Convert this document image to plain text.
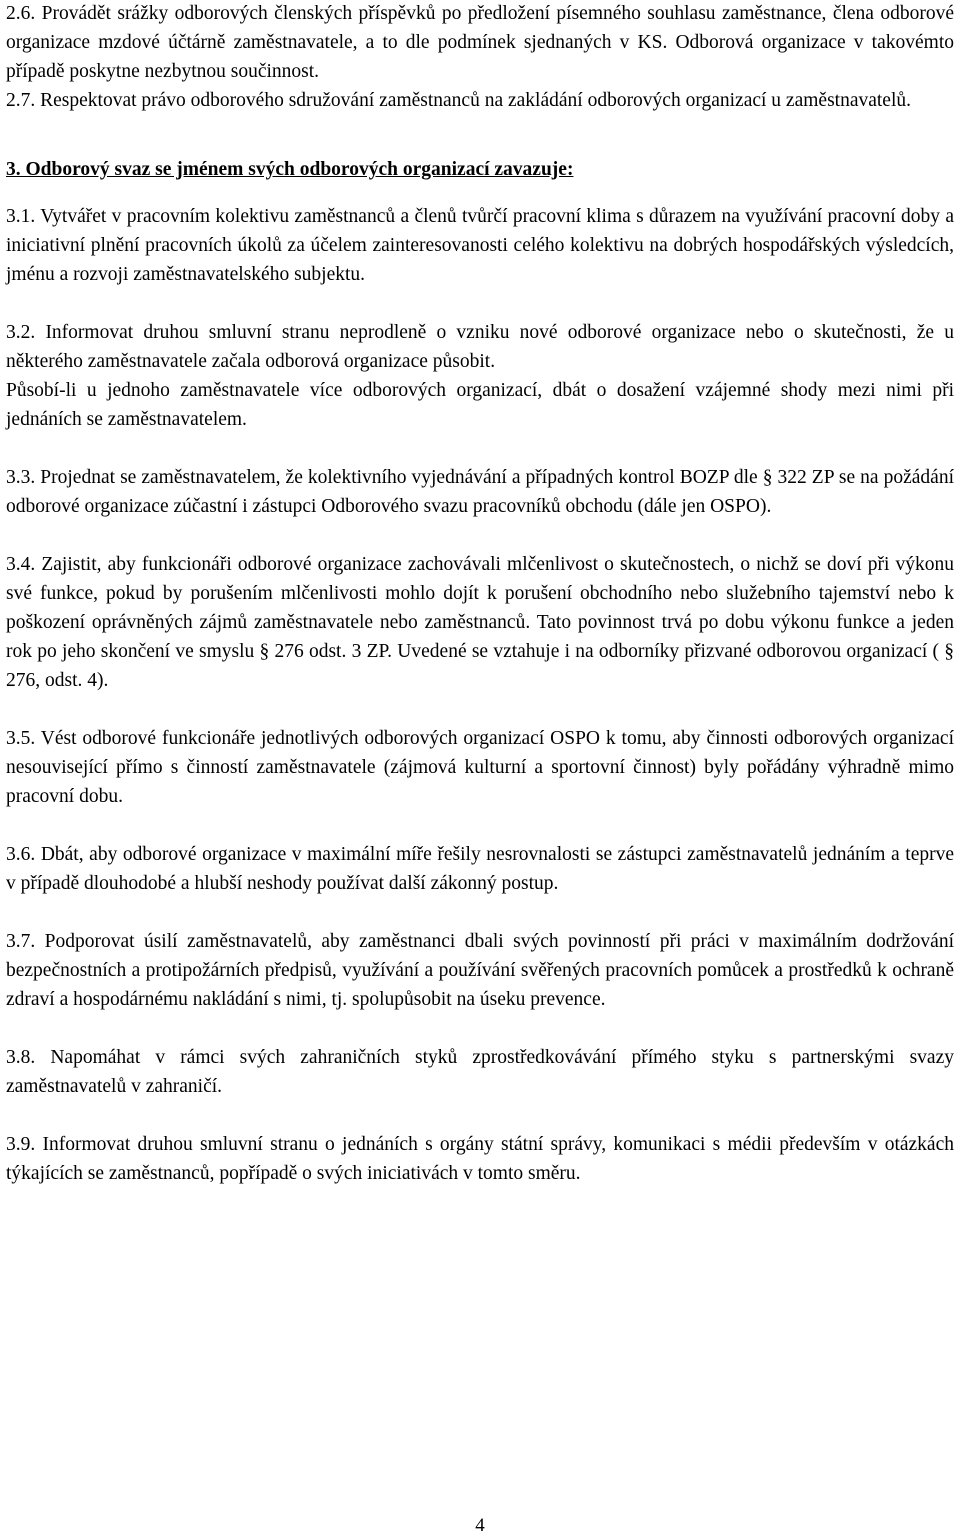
2.6. Provádět srážky odborových členských příspěvků po předložení písemného souhlasu zaměstnance, člena odborové organizace mzdové účtárně zaměstnavatele, a to dle podmínek sjednaných v KS. Odborová organizace v takovémto případě poskytne nezbytnou součinnost.

2.7. Respektovat právo odborového sdružování zaměstnanců na zakládání odborových organizací u zaměstnavatelů.

3. Odborový svaz se jménem svých odborových organizací zavazuje:

3.1. Vytvářet v pracovním kolektivu zaměstnanců a členů tvůrčí pracovní klima s důrazem na využívání pracovní doby a iniciativní plnění pracovních úkolů za účelem zainteresovanosti celého kolektivu na dobrých hospodářských výsledcích, jménu a rozvoji zaměstnavatelského subjektu.

3.2. Informovat druhou smluvní stranu neprodleně o vzniku nové odborové organizace nebo o skutečnosti, že u některého zaměstnavatele začala odborová organizace působit.

Působí-li u jednoho zaměstnavatele více odborových organizací, dbát o dosažení vzájemné shody mezi nimi při jednáních se zaměstnavatelem.

3.3. Projednat se zaměstnavatelem, že kolektivního vyjednávání a případných kontrol BOZP dle § 322 ZP se na požádání odborové organizace zúčastní i zástupci Odborového svazu pracovníků obchodu (dále jen OSPO).

3.4. Zajistit, aby funkcionáři odborové organizace zachovávali mlčenlivost o skutečnostech, o nichž se doví při výkonu své funkce, pokud by porušením mlčenlivosti mohlo dojít k porušení obchodního nebo služebního tajemství nebo k poškození oprávněných zájmů zaměstnavatele nebo zaměstnanců. Tato povinnost trvá po dobu výkonu funkce a jeden rok po jeho skončení ve smyslu § 276 odst. 3 ZP. Uvedené se vztahuje i na odborníky přizvané odborovou organizací ( § 276, odst. 4).

3.5. Vést odborové funkcionáře jednotlivých odborových organizací OSPO k tomu, aby činnosti odborových organizací nesouvisející přímo s činností zaměstnavatele (zájmová kulturní a sportovní činnost) byly pořádány výhradně mimo pracovní dobu.

3.6. Dbát, aby odborové organizace v maximální míře řešily nesrovnalosti se zástupci zaměstnavatelů jednáním a teprve v případě dlouhodobé a hlubší neshody používat další zákonný postup.

3.7. Podporovat úsilí zaměstnavatelů, aby zaměstnanci dbali svých povinností při práci v maximálním dodržování bezpečnostních a protipožárních předpisů, využívání a používání svěřených pracovních pomůcek a prostředků k ochraně zdraví a hospodárnému nakládání s nimi, tj. spolupůsobit na úseku prevence.

3.8. Napomáhat v rámci svých zahraničních styků zprostředkovávání přímého styku s partnerskými svazy zaměstnavatelů v zahraničí.

3.9. Informovat druhou smluvní stranu o jednáních s orgány státní správy, komunikaci s médii především v otázkách týkajících se zaměstnanců, popřípadě o svých iniciativách v tomto směru.

4
